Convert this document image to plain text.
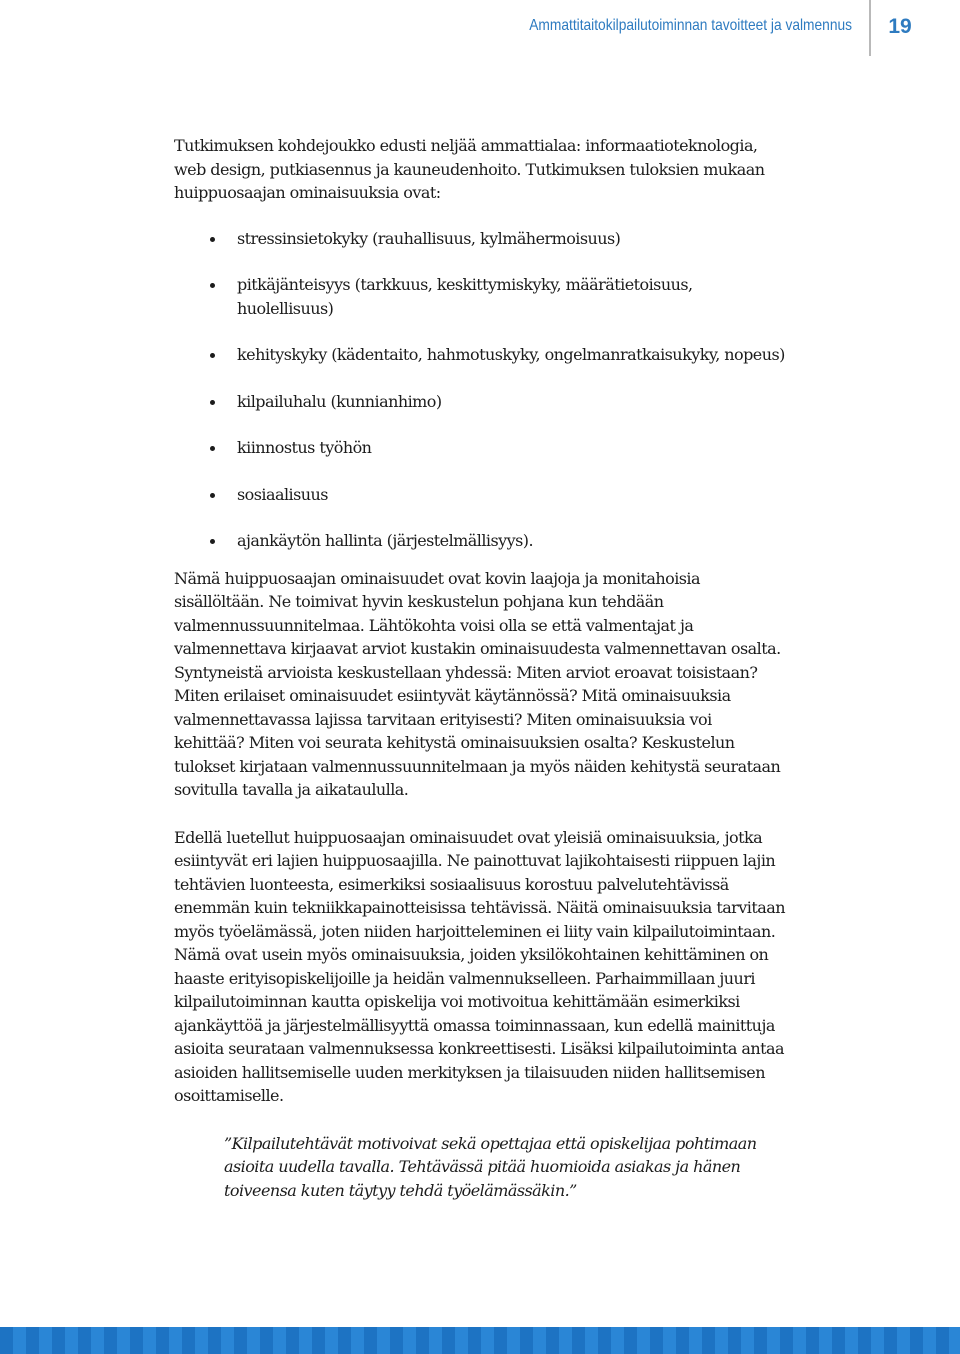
Ammattitaitokilpailutoiminnan tavoitteet ja valmennus	19

Tutkimuksen kohdejoukko edusti neljää ammattialaa: informaatioteknologia, web design, putkiasennus ja kauneudenhoito. Tutkimuksen tuloksien mukaan huippuosaajan ominaisuuksia ovat:

stressinsietokyky (rauhallisuus, kylmähermoisuus)
pitkäjänteisyys (tarkkuus, keskittymiskyky, määrätietoisuus, huolellisuus)
kehityskyky (kädentaito, hahmotuskyky, ongelmanratkaisukyky, nopeus)
kilpailuhalu (kunnianhimo)
kiinnostus työhön
sosiaalisuus
ajankäytön hallinta (järjestelmällisyys).

Nämä huippuosaajan ominaisuudet ovat kovin laajoja ja monitahoisia sisällöltään. Ne toimivat hyvin keskustelun pohjana kun tehdään valmennussuunnitelmaa. Lähtökohta voisi olla se että valmentajat ja valmennettava kirjaavat arviot kustakin ominaisuudesta valmennettavan osalta. Syntyneistä arvioista keskustellaan yhdessä: Miten arviot eroavat toisistaan? Miten erilaiset ominaisuudet esiintyvät käytännössä? Mitä ominaisuuksia valmennettavassa lajissa tarvitaan erityisesti? Miten ominaisuuksia voi kehittää? Miten voi seurata kehitystä ominaisuuksien osalta? Keskustelun tulokset kirjataan valmennussuunnitelmaan ja myös näiden kehitystä seurataan sovitulla tavalla ja aikataululla.

Edellä luetellut huippuosaajan ominaisuudet ovat yleisiä ominaisuuksia, jotka esiintyvät eri lajien huippuosaajilla. Ne painottuvat lajikohtaisesti riippuen lajin tehtävien luonteesta, esimerkiksi sosiaalisuus korostuu palvelutehtävissä enemmän kuin tekniikkapainotteisissa tehtävissä. Näitä ominaisuuksia tarvitaan myös työelämässä, joten niiden harjoitteleminen ei liity vain kilpailutoimintaan. Nämä ovat usein myös ominaisuuksia, joiden yksilökohtainen kehittäminen on haaste erityisopiskelijoille ja heidän valmennukselleen. Parhaimmillaan juuri kilpailutoiminnan kautta opiskelija voi motivoitua kehittämään esimerkiksi ajankäyttöä ja järjestelmällisyyttä omassa toiminnassaan, kun edellä mainittuja asioita seurataan valmennuksessa konkreettisesti. Lisäksi kilpailutoiminta antaa asioiden hallitsemiselle uuden merkityksen ja tilaisuuden niiden hallitsemisen osoittamiselle.

”Kilpailutehtävät motivoivat sekä opettajaa että opiskelijaa pohtimaan asioita uudella tavalla. Tehtävässä pitää huomioida asiakas ja hänen toiveensa kuten täytyy tehdä työelämässäkin.”
